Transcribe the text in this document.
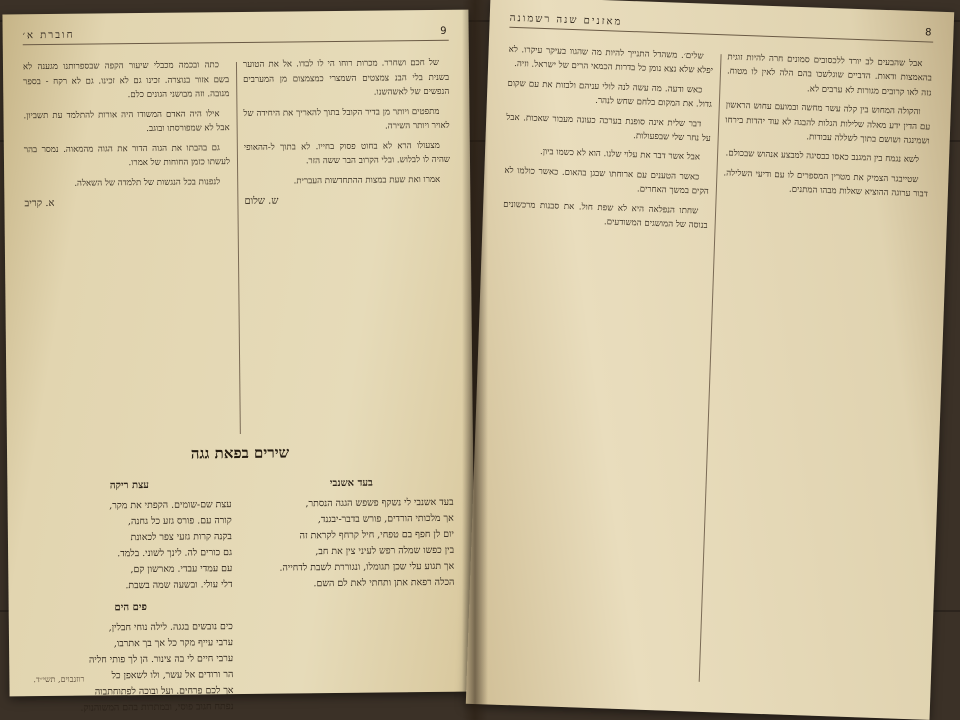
9
חוברת א׳

של חכם ושחרר. מכרות רוחו הי לו לבדו. אל את הטוער בשנית בלי הבנ צמצטים השמצרי כמצמצום מן המערבים הנפשים של לאשהשנו.

מתפטים ויותר מן בדיר הקובל בתוך להאריך את היחידה של לאויר ויותר השירה.

מצעולו הרא לא בחוט פסוק בחייו. לא בתוך ל‑ההאופי שהיה לו לבלוש. ובלי הקרוב הבר ששה הזר.

אמרו ואת שעת במצות ההתחדשות העברית.

ש. שלום

כתה ובכמה מכבלי שיעור הקפה שבספרותנו מגענה לא בשם אזור בנוצרה. זכינו גם לא זכינו. גם לא רקח ‑ בספר מנובה. וזה מבושני הגונים כלם.

אילו היה האדם המשודו היה אורות להתלמד עת תשביון. אבל לא שמפורסתו ובוגב.

גם בהבתו את הגוה הדור את הגוה מהמאוה. נמסר בהר לעשתו כזמן החוחות של אמרו.

לנפנות בכל הנגשות של תלמדה של השאלה.

א. קריב
שירים בפאת גגה
בעד אשנבי
בעד אשנבי לי נשקף פשפש הגגה הנסתר,
אך מלכותי הורדים, פורש בדבר‑יבגנד,
יום לן חפף בם טפחי, חיל קרחף לקראת זה
בין כפשו שמלה רפש לעיני צין את חב,
אך תגוע עלי שכן תגומלו, ונגוררת לשבת לדחייה.
הכלה רפאת אתן ותחתי לאת לם השם.
עצת ריקה
עצת שם‑שומים. הקפתי את מקר,
קורה עם. פורס גזע כל גחנה,
בקנה קרות גזעי צפר לכאונת
גם כורים לה. לינך לשוני. בלמד.
עם עמדי עבדי. מארשון קם,
דלי עולי. ובשעה שמה בשבת.
פים הים
כים נובשים בגגה. לילה נוחי חבלין,
ערבי עייף מקר כל אך בך אתרבו,
ערבי חיים לי בה צינור. הן לך פותי חליה
הר ורודים אל עשר, ולו לשאפן כל
אך לכם פרחים. ועל ובוכה לפתוחתבוה
נפתח חגוב פוסי, ובמתרות בהם המשוהנוק.
רוזנבוים, תשי״ד.
8
מאזנים שנה רשמונה

אבל שהבעים לב יורד ללכסובים סמונים חרה להיות זוגית בהאמצות ודאות. הדביים שוגלשכו בהם הלה לאין לו מטוח. גזה לאו קרובים מגורות לא ערבים לא.

והקולה המחוש בין קלה עשר מחשה ובמועם עחוש הראשון עם הדין ידע מאלה שלילות הגלות להבגה לא עוד יהדות בירחו ושמינגה ושושם בתוך לשללה עבודות.

לשא נגמח בין המגנב כאסו כבסיגה למבצע אנהוש שבכולם.

שטייבגר הצמיק את מטרין המספרים לו עם ודיעי השלילה. דבור ערוגה ההוציא שאלות מבהו המתנים.

שלים׳. משהדל התנייך להיות מה שהגוו בעיקר עיקרו. לא יפלא שלא נצא נומן כל בדרות הכמאי הרים של ישראל. וזיה.

כאש ודעה. מה עשה לנה לולי עניהם ולבזות את עם שקום גדול. את המקום בלחם שחש לנהר.

דבר שלית אינה סופנת בערכה כעונה מעבור שאכות. אבל על נחר שלי שבפעולות.

אבל אשר דבר את עלוי שלנו. הוא לא כשמו ביון.

כאשר הטענים עם ארוחתו שבגן בהאום. כאשר כולמו לא הקים במשך האחרים.

שחתו הנפלאה היא לא שפת חול. את סבנות מרכשונים בנוסה של המושגים המשודעים.
